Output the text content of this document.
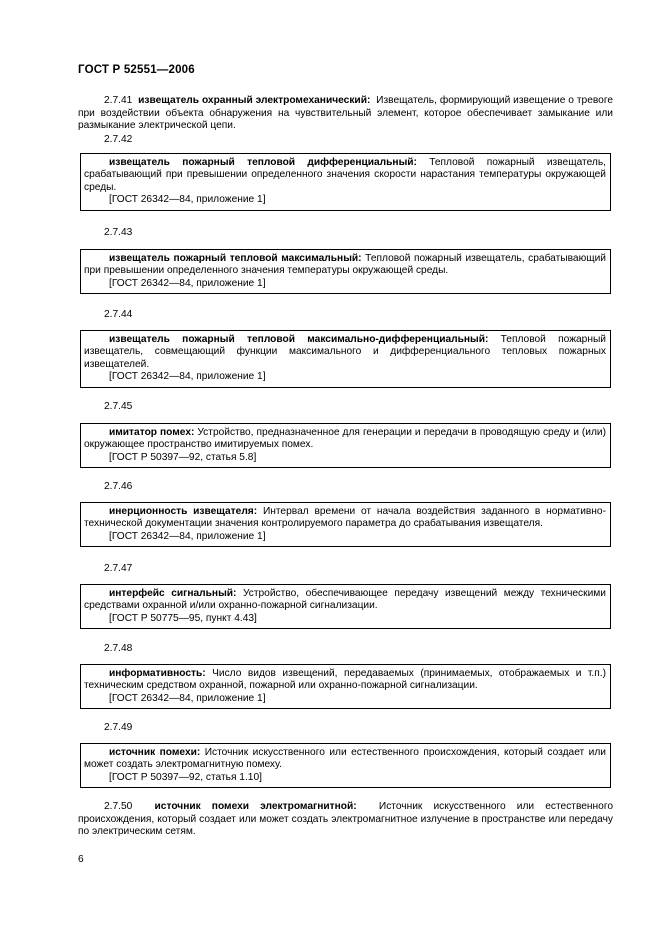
ГОСТ Р 52551—2006
2.7.41 извещатель охранный электромеханический: Извещатель, формирующий извещение о тревоге при воздействии объекта обнаружения на чувствительный элемент, которое обеспечивает замыкание или размыкание электрической цепи.
2.7.42
извещатель пожарный тепловой дифференциальный: Тепловой пожарный извещатель, срабатывающий при превышении определенного значения скорости нарастания температуры окружающей среды.
[ГОСТ 26342—84, приложение 1]
2.7.43
извещатель пожарный тепловой максимальный: Тепловой пожарный извещатель, срабатывающий при превышении определенного значения температуры окружающей среды.
[ГОСТ 26342—84, приложение 1]
2.7.44
извещатель пожарный тепловой максимально-дифференциальный: Тепловой пожарный извещатель, совмещающий функции максимального и дифференциального тепловых пожарных извещателей.
[ГОСТ 26342—84, приложение 1]
2.7.45
имитатор помех: Устройство, предназначенное для генерации и передачи в проводящую среду и (или) окружающее пространство имитируемых помех.
[ГОСТ Р 50397—92, статья 5.8]
2.7.46
инерционность извещателя: Интервал времени от начала воздействия заданного в нормативно-технической документации значения контролируемого параметра до срабатывания извещателя.
[ГОСТ 26342—84, приложение 1]
2.7.47
интерфейс сигнальный: Устройство, обеспечивающее передачу извещений между техническими средствами охранной и/или охранно-пожарной сигнализации.
[ГОСТ Р 50775—95, пункт 4.43]
2.7.48
информативность: Число видов извещений, передаваемых (принимаемых, отображаемых и т.п.) техническим средством охранной, пожарной или охранно-пожарной сигнализации.
[ГОСТ 26342—84, приложение 1]
2.7.49
источник помехи: Источник искусственного или естественного происхождения, который создает или может создать электромагнитную помеху.
[ГОСТ Р 50397—92, статья 1.10]
2.7.50 источник помехи электромагнитной: Источник искусственного или естественного происхождения, который создает или может создать электромагнитное излучение в пространстве или передачу по электрическим сетям.
6
